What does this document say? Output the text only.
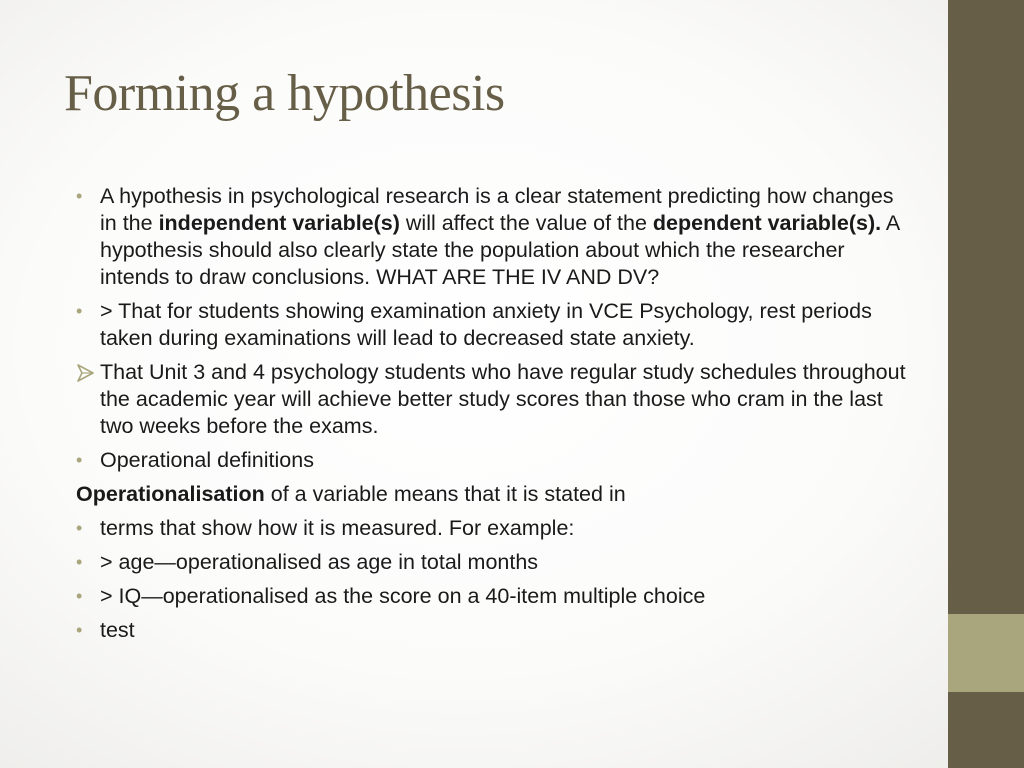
Forming a hypothesis
• A hypothesis in psychological research is a clear statement predicting how changes in the independent variable(s) will affect the value of the dependent variable(s). A hypothesis should also clearly state the population about which the researcher intends to draw conclusions. WHAT ARE THE IV AND DV?
• > That for students showing examination anxiety in VCE Psychology, rest periods taken during examinations will lead to decreased state anxiety.
That Unit 3 and 4 psychology students who have regular study schedules throughout the academic year will achieve better study scores than those who cram in the last two weeks before the exams.
• Operational definitions
Operationalisation of a variable means that it is stated in
• terms that show how it is measured. For example:
• > age—operationalised as age in total months
• > IQ—operationalised as the score on a 40-item multiple choice
• test
